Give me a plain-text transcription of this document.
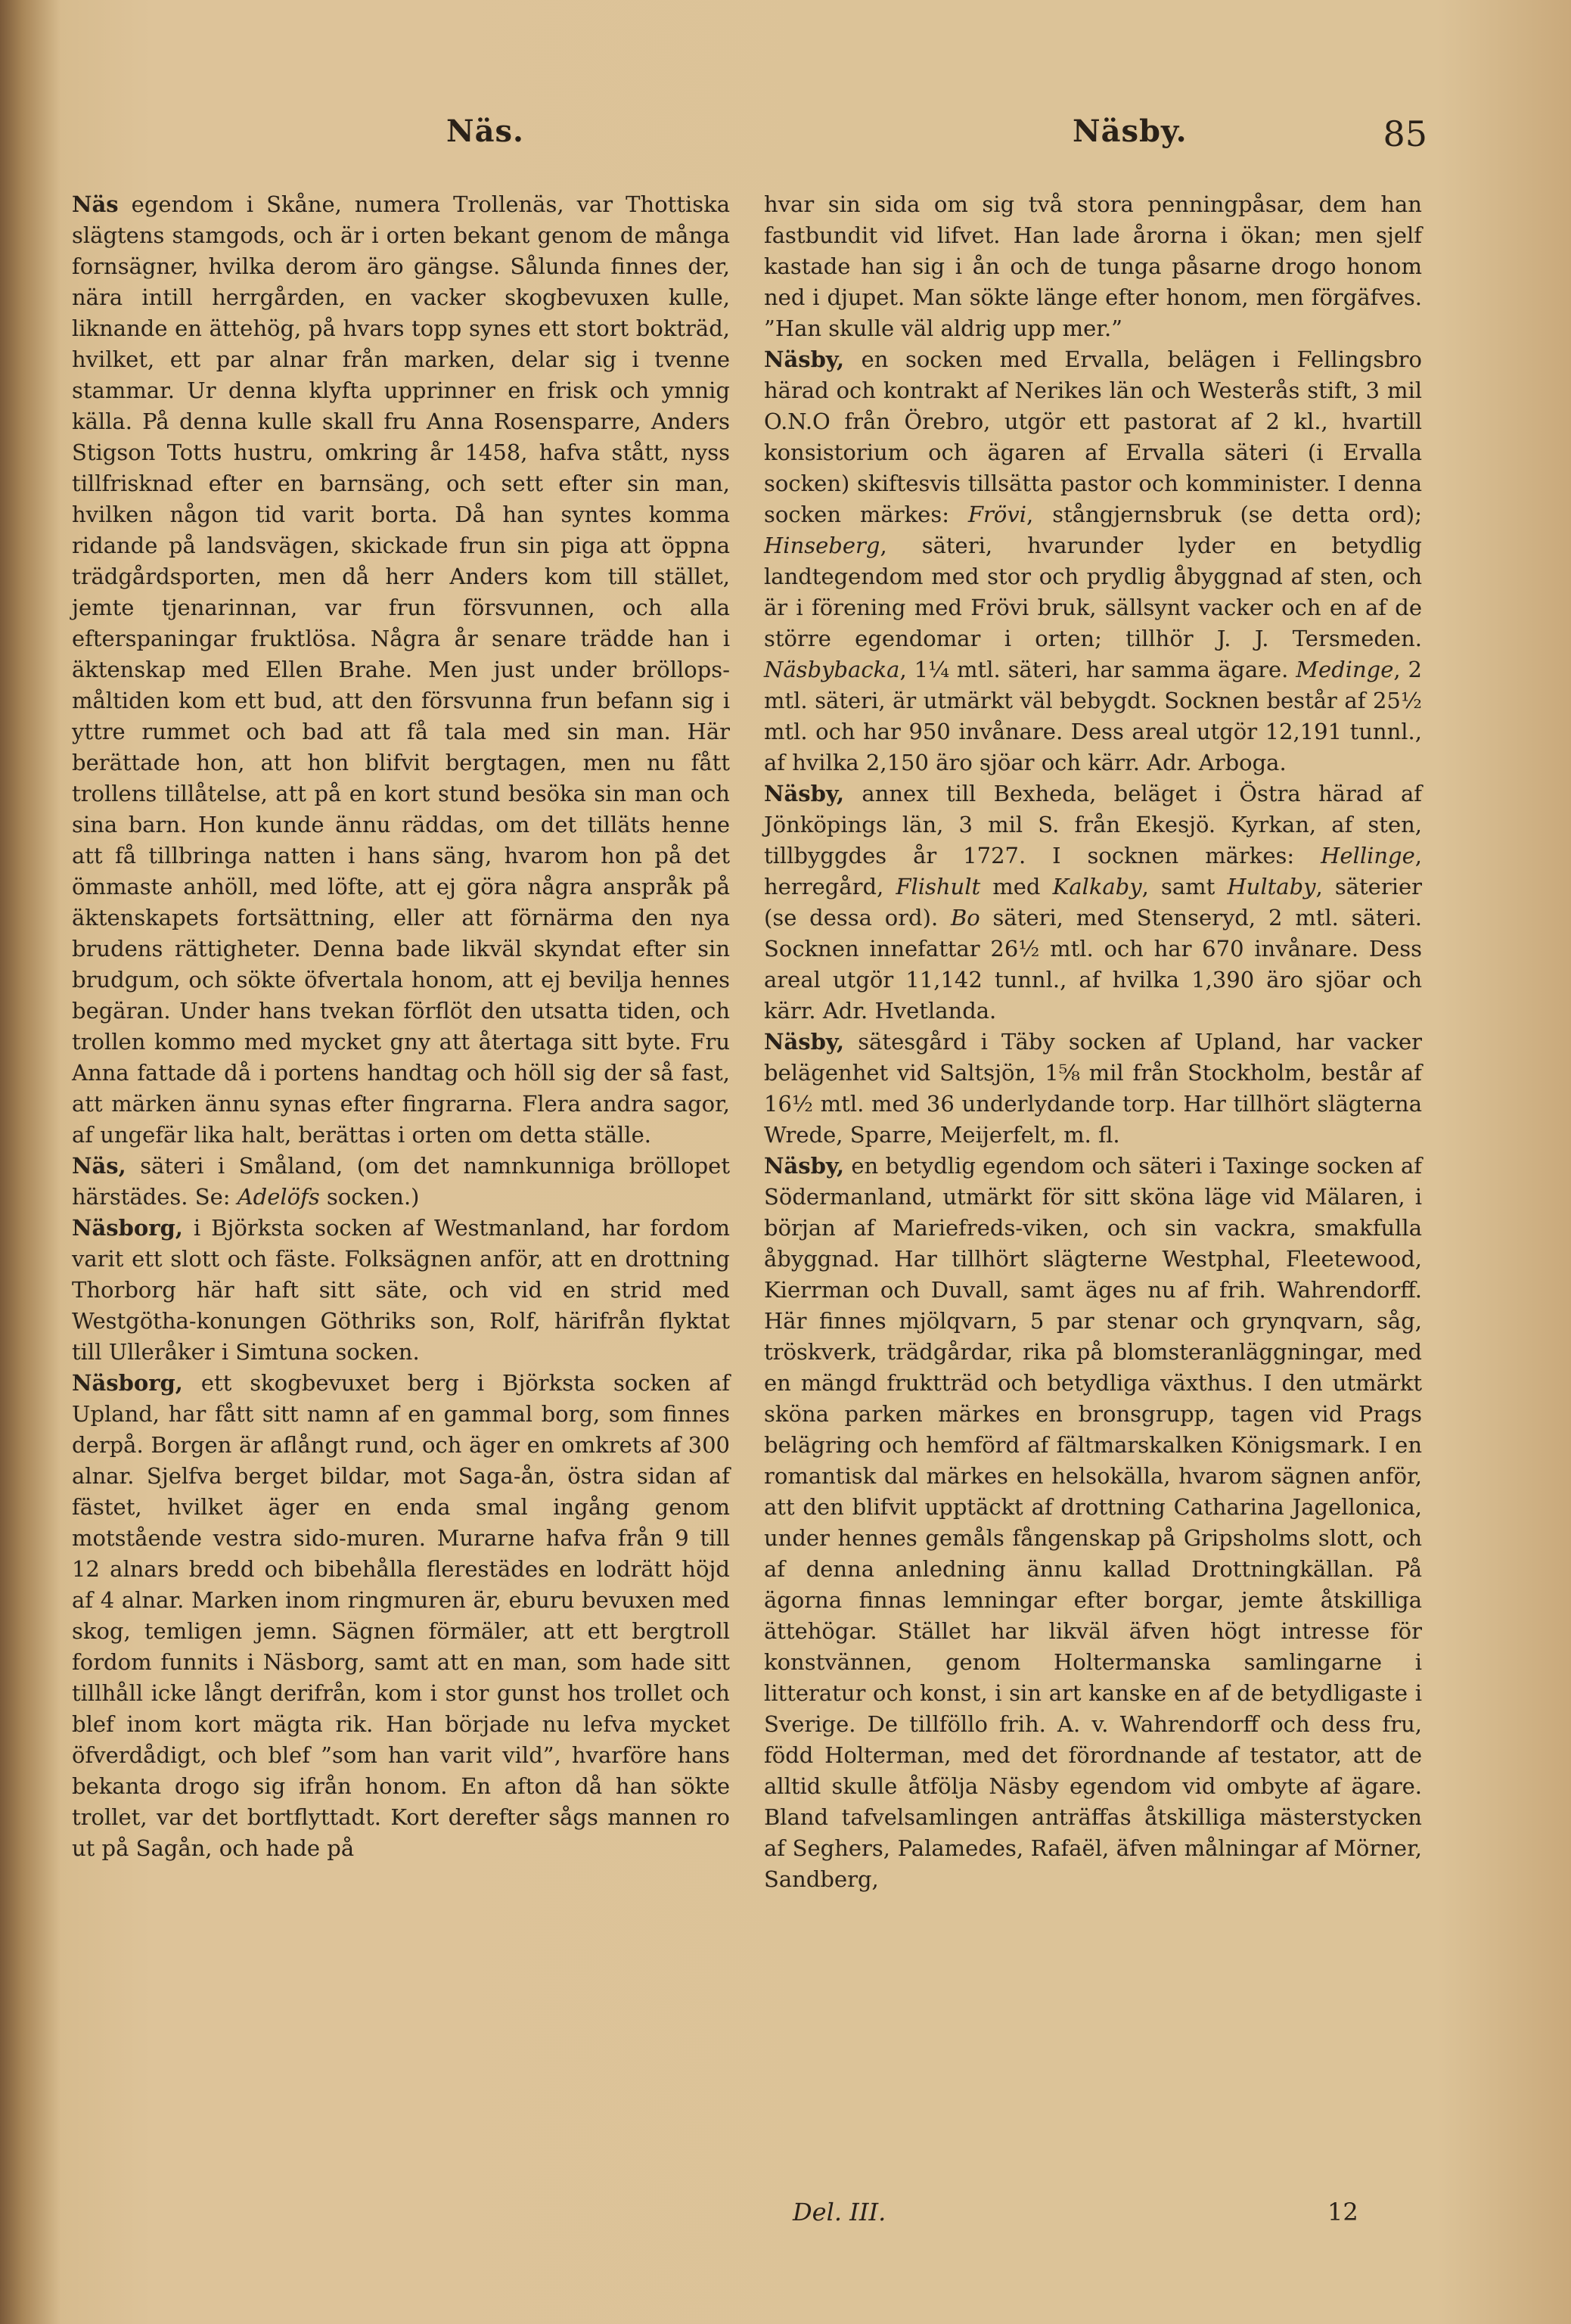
Näs.	Näsby.	85

Näs egendom i Skåne, numera Trollenäs, var Thottiska slägtens stamgods, och är i orten bekant genom de många fornsägner, hvilka derom äro gängse. Sålunda finnes der, nära intill herrgården, en vacker skogbevuxen kulle, liknande en ättehög, på hvars topp synes ett stort bokträd, hvilket, ett par alnar från marken, delar sig i tvenne stammar. Ur denna klyfta upprinner en frisk och ymnig källa. På denna kulle skall fru Anna Rosensparre, Anders Stigson Totts hustru, omkring år 1458, hafva stått, nyss tillfrisknad efter en barnsäng, och sett efter sin man, hvilken någon tid varit borta. Då han syntes komma ridande på landsvägen, skickade frun sin piga att öppna trädgårdsporten, men då herr Anders kom till stället, jemte tjenarinnan, var frun försvunnen, och alla efterspaningar fruktlösa. Några år senare trädde han i äktenskap med Ellen Brahe. Men just under bröllops-måltiden kom ett bud, att den försvunna frun befann sig i yttre rummet och bad att få tala med sin man. Här berättade hon, att hon blifvit bergtagen, men nu fått trollens tillåtelse, att på en kort stund besöka sin man och sina barn. Hon kunde ännu räddas, om det tilläts henne att få tillbringa natten i hans säng, hvarom hon på det ömmaste anhöll, med löfte, att ej göra några anspråk på äktenskapets fortsättning, eller att förnärma den nya brudens rättigheter. Denna bade likväl skyndat efter sin brudgum, och sökte öfvertala honom, att ej bevilja hennes begäran. Under hans tvekan förflöt den utsatta tiden, och trollen kommo med mycket gny att återtaga sitt byte. Fru Anna fattade då i portens handtag och höll sig der så fast, att märken ännu synas efter fingrarna. Flera andra sagor, af ungefär lika halt, berättas i orten om detta ställe.

Näs, säteri i Småland, (om det namnkunniga bröllopet härstädes. Se: Adelöfs socken.)

Näsborg, i Björksta socken af Westmanland, har fordom varit ett slott och fäste. Folksägnen anför, att en drottning Thorborg här haft sitt säte, och vid en strid med Westgötha-konungen Göthriks son, Rolf, härifrån flyktat till Ulleråker i Simtuna socken.

Näsborg, ett skogbevuxet berg i Björksta socken af Upland, har fått sitt namn af en gammal borg, som finnes derpå. Borgen är aflångt rund, och äger en omkrets af 300 alnar. Sjelfva berget bildar, mot Saga-ån, östra sidan af fästet, hvilket äger en enda smal ingång genom motstående vestra sido-muren. Murarne hafva från 9 till 12 alnars bredd och bibehålla flerestädes en lodrätt höjd af 4 alnar. Marken inom ringmuren är, eburu bevuxen med skog, temligen jemn. Sägnen förmäler, att ett bergtroll fordom funnits i Näsborg, samt att en man, som hade sitt tillhåll icke långt derifrån, kom i stor gunst hos trollet och blef inom kort mägta rik. Han började nu lefva mycket öfverdådigt, och blef ”som han varit vild”, hvarföre hans bekanta drogo sig ifrån honom. En afton då han sökte trollet, var det bortflyttadt. Kort derefter sågs mannen ro ut på Sagån, och hade på

hvar sin sida om sig två stora penningpåsar, dem han fastbundit vid lifvet. Han lade årorna i ökan; men sjelf kastade han sig i ån och de tunga påsarne drogo honom ned i djupet. Man sökte länge efter honom, men förgäfves. ”Han skulle väl aldrig upp mer.”

Näsby, en socken med Ervalla, belägen i Fellingsbro härad och kontrakt af Nerikes län och Westerås stift, 3 mil O.N.O från Örebro, utgör ett pastorat af 2 kl., hvartill konsistorium och ägaren af Ervalla säteri (i Ervalla socken) skiftesvis tillsätta pastor och komminister. I denna socken märkes: Frövi, stångjernsbruk (se detta ord); Hinseberg, säteri, hvarunder lyder en betydlig landtegendom med stor och prydlig åbyggnad af sten, och är i förening med Frövi bruk, sällsynt vacker och en af de större egendomar i orten; tillhör J. J. Tersmeden. Näsbybacka, 1¼ mtl. säteri, har samma ägare. Medinge, 2 mtl. säteri, är utmärkt väl bebygdt. Socknen består af 25½ mtl. och har 950 invånare. Dess areal utgör 12,191 tunnl., af hvilka 2,150 äro sjöar och kärr. Adr. Arboga.

Näsby, annex till Bexheda, beläget i Östra härad af Jönköpings län, 3 mil S. från Ekesjö. Kyrkan, af sten, tillbyggdes år 1727. I socknen märkes: Hellinge, herregård, Flishult med Kalkaby, samt Hultaby, säterier (se dessa ord). Bo säteri, med Stenseryd, 2 mtl. säteri. Socknen innefattar 26½ mtl. och har 670 invånare. Dess areal utgör 11,142 tunnl., af hvilka 1,390 äro sjöar och kärr. Adr. Hvetlanda.

Näsby, sätesgård i Täby socken af Upland, har vacker belägenhet vid Saltsjön, 1⅝ mil från Stockholm, består af 16½ mtl. med 36 underlydande torp. Har tillhört slägterna Wrede, Sparre, Meijerfelt, m. fl.

Näsby, en betydlig egendom och säteri i Taxinge socken af Södermanland, utmärkt för sitt sköna läge vid Mälaren, i början af Mariefreds-viken, och sin vackra, smakfulla åbyggnad. Har tillhört slägterne Westphal, Fleetewood, Kierrman och Duvall, samt äges nu af frih. Wahrendorff. Här finnes mjölqvarn, 5 par stenar och grynqvarn, såg, tröskverk, trädgårdar, rika på blomsteranläggningar, med en mängd fruktträd och betydliga växthus. I den utmärkt sköna parken märkes en bronsgrupp, tagen vid Prags belägring och hemförd af fältmarskalken Königsmark. I en romantisk dal märkes en helsokälla, hvarom sägnen anför, att den blifvit upptäckt af drottning Catharina Jagellonica, under hennes gemåls fångenskap på Gripsholms slott, och af denna anledning ännu kallad Drottningkällan. På ägorna finnas lemningar efter borgar, jemte åtskilliga ättehögar. Stället har likväl äfven högt intresse för konstvännen, genom Holtermanska samlingarne i litteratur och konst, i sin art kanske en af de betydligaste i Sverige. De tillföllo frih. A. v. Wahrendorff och dess fru, född Holterman, med det förordnande af testator, att de alltid skulle åtfölja Näsby egendom vid ombyte af ägare. Bland tafvelsamlingen anträffas åtskilliga mästerstycken af Seghers, Palamedes, Rafaël, äfven målningar af Mörner, Sandberg,

Del. III.	12
